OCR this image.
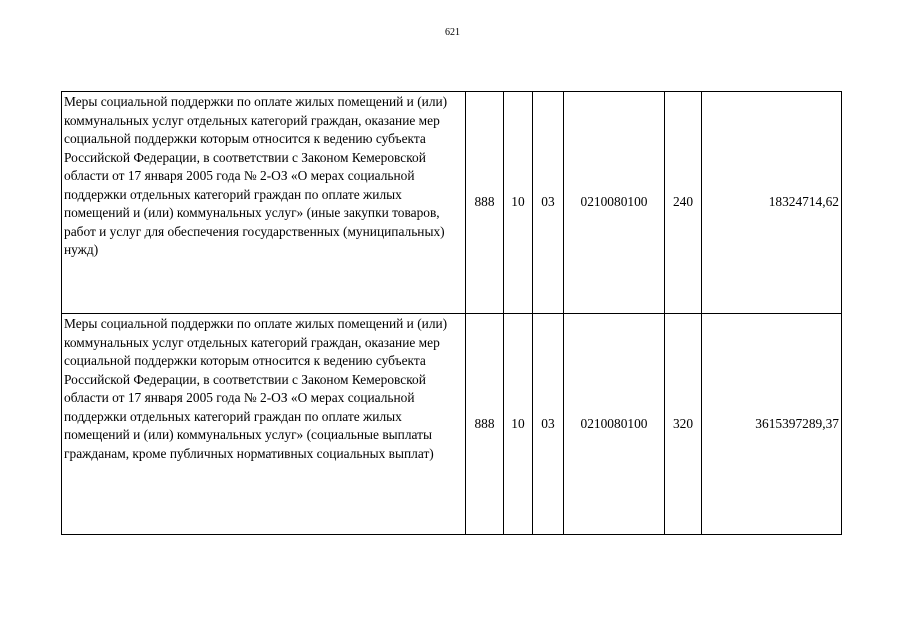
621
Меры социальной поддержки по оплате жилых помещений и (или) коммунальных услуг отдельных категорий граждан, оказание мер социальной поддержки которым относится к ведению субъекта Российской Федерации, в соответствии с Законом Кемеровской области от 17 января 2005 года № 2-ОЗ «О мерах социальной поддержки отдельных категорий граждан по оплате жилых помещений и (или) коммунальных услуг» (иные закупки товаров, работ и услуг для обеспечения государственных (муниципальных) нужд)	888	10	03	0210080100	240	18324714,62
Меры социальной поддержки по оплате жилых помещений и (или) коммунальных услуг отдельных категорий граждан, оказание мер социальной поддержки которым относится к ведению субъекта Российской Федерации, в соответствии с Законом Кемеровской области от 17 января 2005 года № 2-ОЗ «О мерах социальной поддержки отдельных категорий граждан по оплате жилых помещений и (или) коммунальных услуг» (социальные выплаты гражданам, кроме публичных нормативных социальных выплат)	888	10	03	0210080100	320	3615397289,37
